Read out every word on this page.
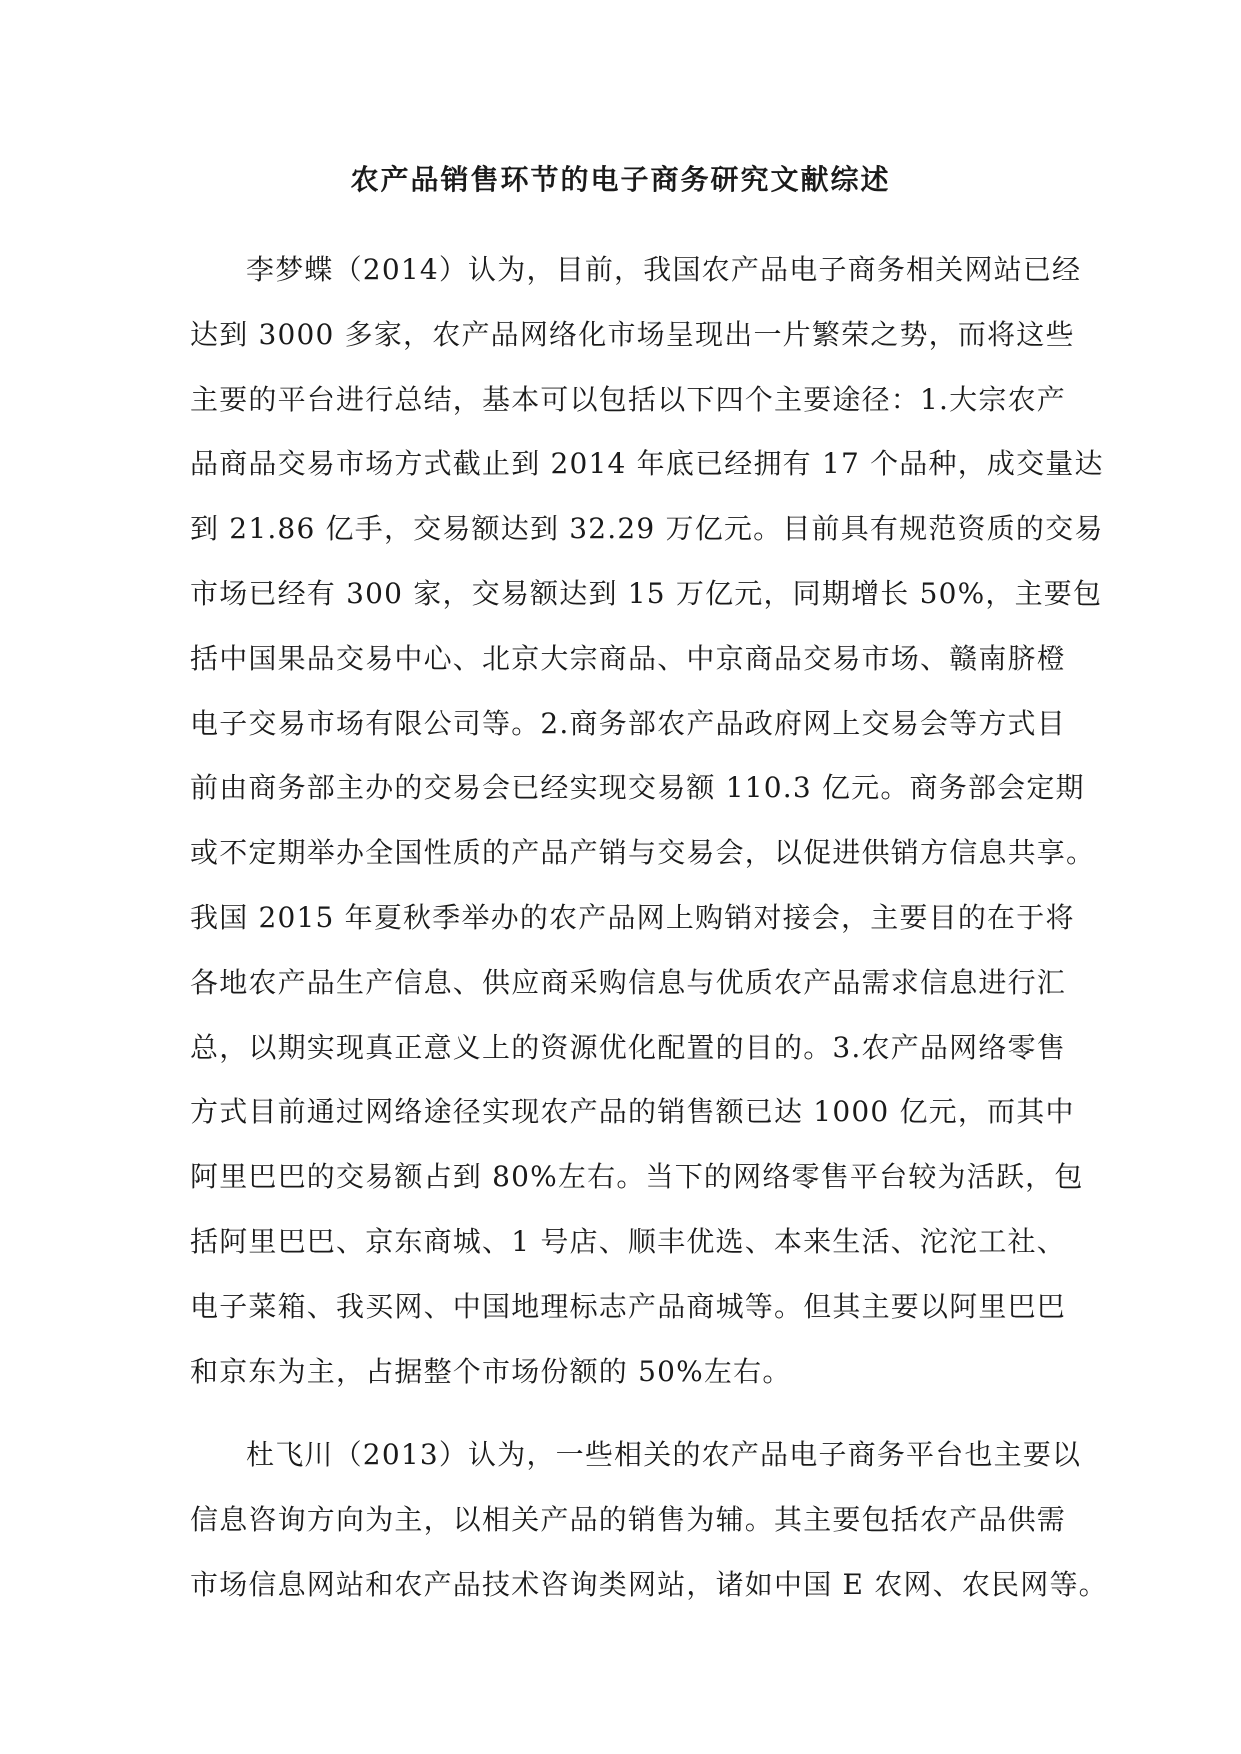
农产品销售环节的电子商务研究文献综述
李梦蝶（2014）认为，目前，我国农产品电子商务相关网站已经
达到 3000 多家，农产品网络化市场呈现出一片繁荣之势，而将这些
主要的平台进行总结，基本可以包括以下四个主要途径：1.大宗农产
品商品交易市场方式截止到 2014 年底已经拥有 17 个品种，成交量达
到 21.86 亿手，交易额达到 32.29 万亿元。目前具有规范资质的交易
市场已经有 300 家，交易额达到 15 万亿元，同期增长 50%，主要包
括中国果品交易中心、北京大宗商品、中京商品交易市场、赣南脐橙
电子交易市场有限公司等。2.商务部农产品政府网上交易会等方式目
前由商务部主办的交易会已经实现交易额 110.3 亿元。商务部会定期
或不定期举办全国性质的产品产销与交易会，以促进供销方信息共享。
我国 2015 年夏秋季举办的农产品网上购销对接会，主要目的在于将
各地农产品生产信息、供应商采购信息与优质农产品需求信息进行汇
总，以期实现真正意义上的资源优化配置的目的。3.农产品网络零售
方式目前通过网络途径实现农产品的销售额已达 1000 亿元，而其中
阿里巴巴的交易额占到 80%左右。当下的网络零售平台较为活跃，包
括阿里巴巴、京东商城、1 号店、顺丰优选、本来生活、沱沱工社、
电子菜箱、我买网、中国地理标志产品商城等。但其主要以阿里巴巴
和京东为主，占据整个市场份额的 50%左右。
杜飞川（2013）认为，一些相关的农产品电子商务平台也主要以
信息咨询方向为主，以相关产品的销售为辅。其主要包括农产品供需
市场信息网站和农产品技术咨询类网站，诸如中国 E 农网、农民网等。
